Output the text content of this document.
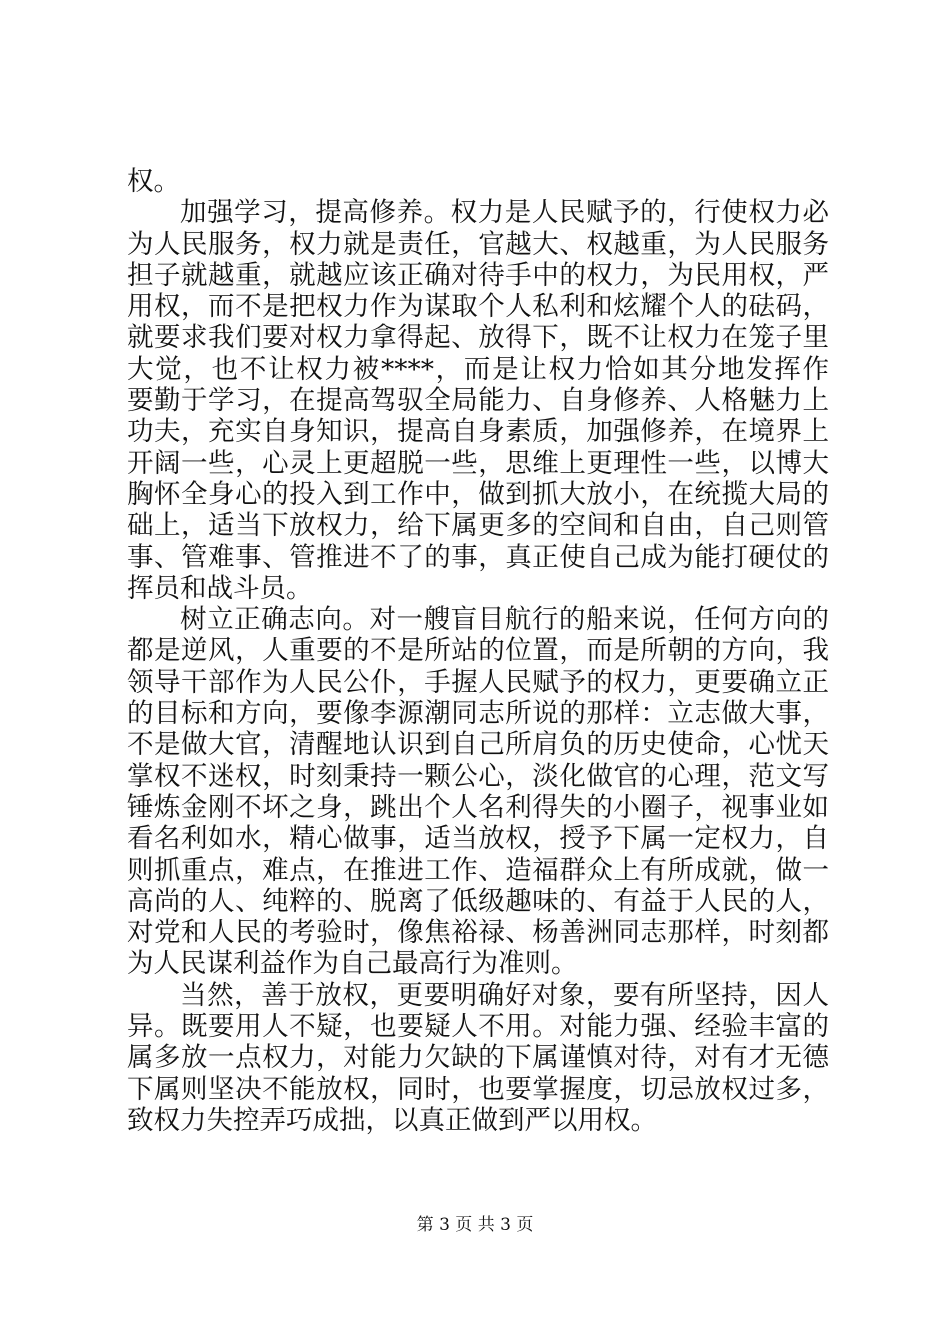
权。
加强学习，提高修养。权力是人民赋予的，行使权力必
为人民服务，权力就是责任，官越大、权越重，为人民服务
担子就越重，就越应该正确对待手中的权力，为民用权，严
用权，而不是把权力作为谋取个人私利和炫耀个人的砝码，
就要求我们要对权力拿得起、放得下，既不让权力在笼子里
大觉，也不让权力被****，而是让权力恰如其分地发挥作
要勤于学习，在提高驾驭全局能力、自身修养、人格魅力上
功夫，充实自身知识，提高自身素质，加强修养，在境界上
开阔一些，心灵上更超脱一些，思维上更理性一些，以博大
胸怀全身心的投入到工作中，做到抓大放小，在统揽大局的
础上，适当下放权力，给下属更多的空间和自由，自己则管
事、管难事、管推进不了的事，真正使自己成为能打硬仗的
挥员和战斗员。
树立正确志向。对一艘盲目航行的船来说，任何方向的
都是逆风，人重要的不是所站的位置，而是所朝的方向，我
领导干部作为人民公仆，手握人民赋予的权力，更要确立正
的目标和方向，要像李源潮同志所说的那样：立志做大事，
不是做大官，清醒地认识到自己所肩负的历史使命，心忧天
掌权不迷权，时刻秉持一颗公心，淡化做官的心理，范文写
锤炼金刚不坏之身，跳出个人名利得失的小圈子，视事业如
看名利如水，精心做事，适当放权，授予下属一定权力，自
则抓重点，难点，在推进工作、造福群众上有所成就，做一
高尚的人、纯粹的、脱离了低级趣味的、有益于人民的人，
对党和人民的考验时，像焦裕禄、杨善洲同志那样，时刻都
为人民谋利益作为自己最高行为准则。
当然，善于放权，更要明确好对象，要有所坚持，因人
异。既要用人不疑，也要疑人不用。对能力强、经验丰富的
属多放一点权力，对能力欠缺的下属谨慎对待，对有才无德
下属则坚决不能放权，同时，也要掌握度，切忌放权过多，
致权力失控弄巧成拙，以真正做到严以用权。
第 3 页 共 3 页
